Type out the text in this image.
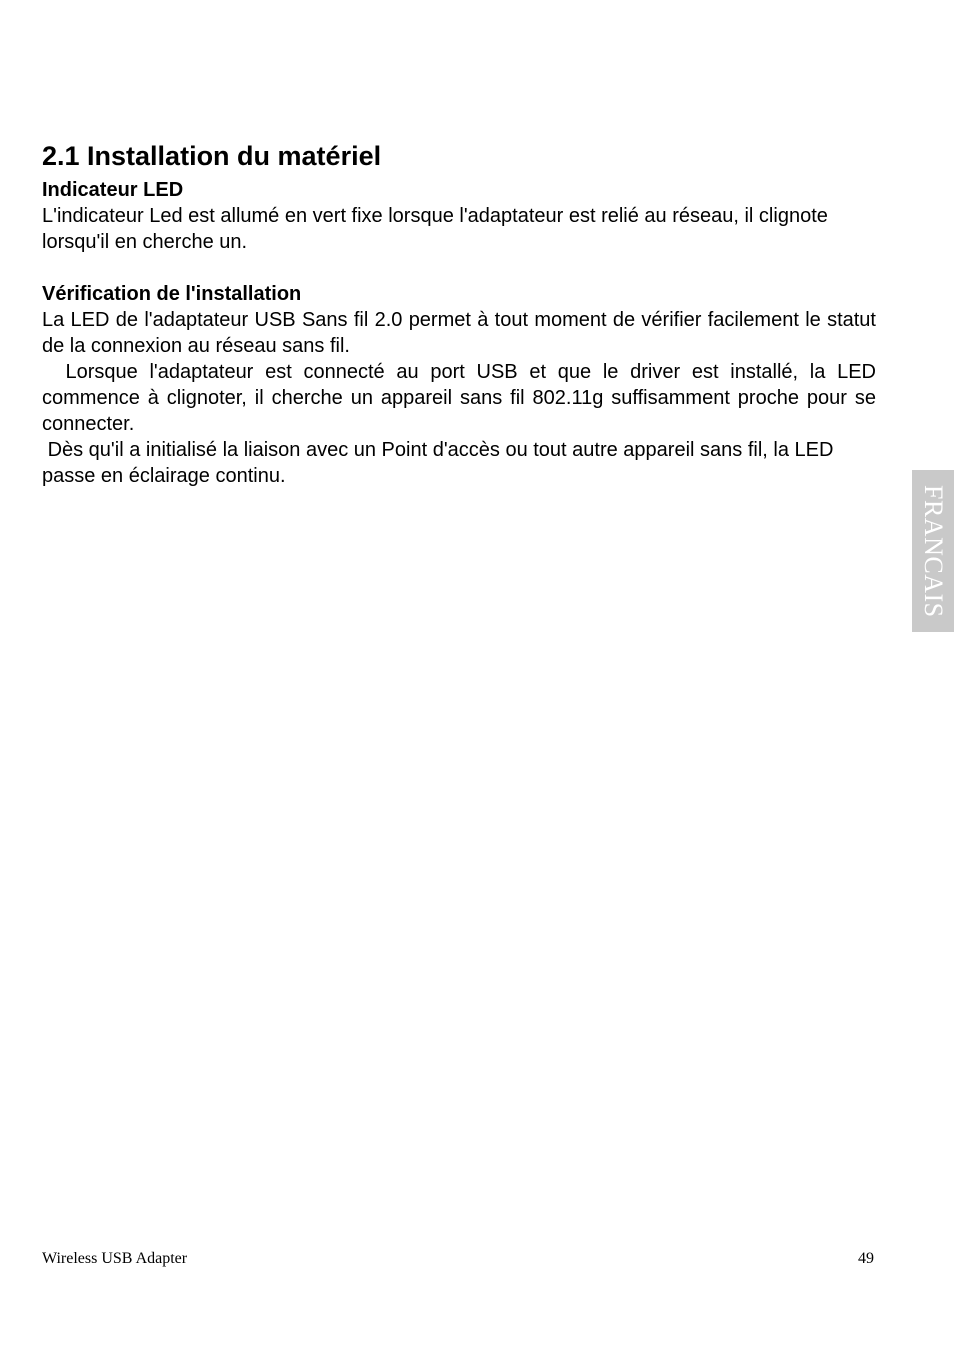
2.1 Installation du matériel
Indicateur LED

L'indicateur Led est allumé en vert fixe lorsque l'adaptateur est relié au réseau, il clignote lorsqu'il en cherche un.

Vérification de l'installation

La LED de l'adaptateur USB Sans fil 2.0 permet à tout moment de vérifier facilement le statut de la connexion au réseau sans fil.

Lorsque l'adaptateur est connecté au port USB et que le driver est installé, la LED commence à clignoter, il cherche un appareil sans fil 802.11g suffisamment proche pour se connecter.

Dès qu'il a initialisé la liaison avec un Point d'accès ou tout autre appareil sans fil, la LED passe en éclairage continu.

FRANCAIS
Wireless USB Adapter	49
